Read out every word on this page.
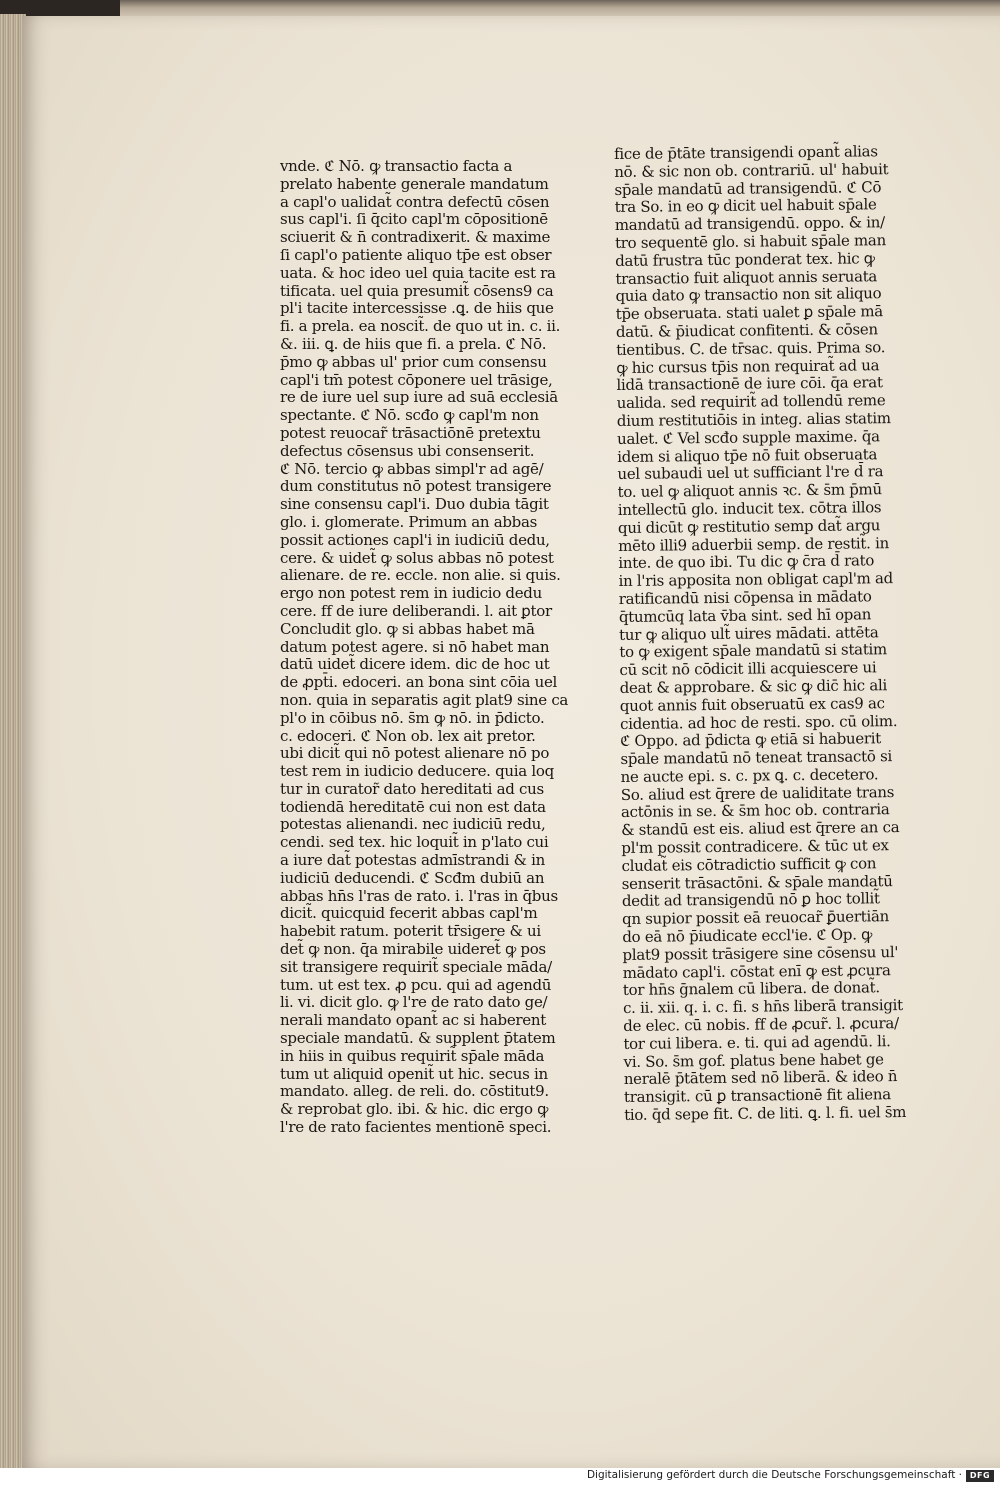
vnde. ℭ Nō. ꝙ transactio facta a
prelato habente generale mandatum
a capl'o ualidat̃ contra defectū cōsen
sus capl'i. ſi q̄cito capl'm cōpositionē
sciuerit & n̄ contradixerit. & maxime
ſi capl'o patiente aliquo tp̄e est obser
uata. & hoc ideo uel quia tacite est ra
tificata. uel quia presumit̃ cōsens9 ca
pl'i tacite intercessisse .ꝗ. de hiis que
fi. a prela. ea noscit̃. de quo ut in. c. ii.
&. iii. ꝗ. de hiis que fi. a prela. ℭ Nō.
p̄mo ꝙ abbas ul' prior cum consensu
capl'i tm̄ potest cōponere uel trāsige,
re de iure uel sup iure ad suā ecclesiā
spectante. ℭ Nō. scđo ꝙ capl'm non
potest reuocar̃ trāsactiōnē pretextu
defectus cōsensus ubi consenserit.
ℭ Nō. tercio ꝙ abbas simpl'r ad agē/
dum constitutus nō potest transigere
sine consensu capl'i. Duo dubia tāgit
glo. i. glomerate. Primum an abbas
possit actiones capl'i in iudiciū dedu,
cere. & uidet̃ ꝙ solus abbas nō potest
alienare. de re. eccle. non alie. si quis.
ergo non potest rem in iudicio dedu
cere. ff de iure deliberandi. l. ait ꝑtor
Concludit glo. ꝙ si abbas habet mā
datum potest agere. si nō habet man
datū uidet̃ dicere idem. dic de hoc ut
de ꝓpt̄i. edoceri. an bona sint cōia uel
non. quia in separatis agit plat9 sine ca
pl'o in cōibus nō. s̄m ꝙ nō. in p̄dicto.
c. edoceri. ℭ Non ob. lex ait pretor.
ubi dicit̃ qui nō potest alienare nō po
test rem in iudicio deducere. quia loq
tur in curator̃ dato hereditati ad cus
todiendā hereditatē cui non est data
potestas alienandi. nec iudiciū redu,
cendi. sed tex. hic loquit̃ in p'lato cui
a iure dat̃ potestas admīstrandi & in
iudiciū deducendi. ℭ Scđm dubiū an
abbas hn̄s l'ras de rato. i. l'ras in q̄bus
dicit̃. quicquid fecerit abbas capl'm
habebit ratum. poterit tr̄sigere & ui
det̃ ꝙ non. q̄a mirabile uideret̃ ꝙ pos
sit transigere requirit̃ speciale māda/
tum. ut est tex. ꝓ pcu. qui ad agendū
li. vi. dicit glo. ꝙ l're de rato dato ge/
nerali mandato opant̃ ac si haberent
speciale mandatū. & supplent p̄tatem
in hiis in quibus requirit̃ sp̄ale māda
tum ut aliquid openit̃ ut hic. secus in
mandato. alleg. de reli. do. cōstitut9.
& reprobat glo. ibi. & hic. dic ergo ꝙ
l're de rato facientes mentionē speci.
fice de p̄tāte transigendi opant̃ alias
nō. & sic non ob. contrariū. ul' habuit
sp̄ale mandatū ad transigendū. ℭ Cō
tra So. in eo ꝙ dicit uel habuit sp̄ale
mandatū ad transigendū. oppo. & in/
tro sequentē glo. si habuit sp̄ale man
datū frustra tūc ponderat tex. hic ꝙ
transactio fuit aliquot annis seruata
quia dato ꝙ transactio non sit aliquo
tp̄e obseruata. stati ualet ꝑ sp̄ale mā
datū. & p̄iudicat confitenti. & cōsen
tientibus. C. de tr̄sac. quis. Prima so.
ꝙ hic cursus tp̄is non requirat̃ ad ua
lidā transactionē de iure cōi. q̄a erat
ualida. sed requirit̃ ad tollendū reme
dium restitutiōis in integ. alias statim
ualet. ℭ Vel scđo supple maxime. q̄a
idem si aliquo tp̄e nō fuit obseruata
uel subaudi uel ut sufficiant l're d̄ ra
to. uel ꝙ aliquot annis ꝛc. & s̄m p̄mū
intellectū glo. inducit tex. cōtra illos
qui dicūt ꝙ restitutio semp dat̃ argu
mēto illi9 aduerbii semp. de restit̃. in
inte. de quo ibi. Tu dic ꝙ c̄ra d̄ rato
in l'ris apposita non obligat capl'm ad
ratificandū nisi cōpensa in mādato
q̄tumcūq lata v̄ba sint. sed hī opan
tur ꝙ aliquo ult̃ uires mādati. attēta
to ꝙ exigent sp̄ale mandatū si statim
cū scit nō cōdicit illi acquiescere ui
deat & approbare. & sic ꝙ dic̄ hic ali
quot annis fuit obseruatū ex cas9 ac
cidentia. ad hoc de resti. spo. cū olim.
ℭ Oppo. ad p̄dicta ꝙ etiā si habuerit
sp̄ale mandatū nō teneat transactō si
ne aucte epi. s. c. px ꝗ. c. decetero.
So. aliud est q̄rere de ualiditate trans
actōnis in se. & s̄m hoc ob. contraria
& standū est eis. aliud est q̄rere an ca
pl'm possit contradicere. & tūc ut ex
cludat̃ eis cōtradictio sufficit ꝙ con
senserit trāsactōni. & sp̄ale mandatū
dedit ad transigendū nō ꝑ hoc tollit̃
qn supior possit eā reuocar̃ ꝑ̄uertiān
do eā nō p̄iudicate eccl'ie. ℭ Op. ꝙ
plat9 possit trāsigere sine cōsensu ul'
mādato capl'i. cōstat enī ꝙ est ꝓcura
tor hn̄s ḡnalem cū libera. de donat̃.
c. ii. xii. q. i. c. fi. s hn̄s liberā transigit
de elec. cū nobis. ff de ꝓcur̃. l. ꝓcura/
tor cui libera. e. ti. qui ad agendū. li.
vi. So. s̄m gof. platus bene habet ge
neralē p̄tātem sed nō liberā. & ideo n̄
transigit. cū ꝑ transactionē fit aliena
tio. q̄d sepe fit. C. de liti. ꝗ. l. fi. uel s̄m
Digitalisierung gefördert durch die Deutsche Forschungsgemeinschaft · DFG
